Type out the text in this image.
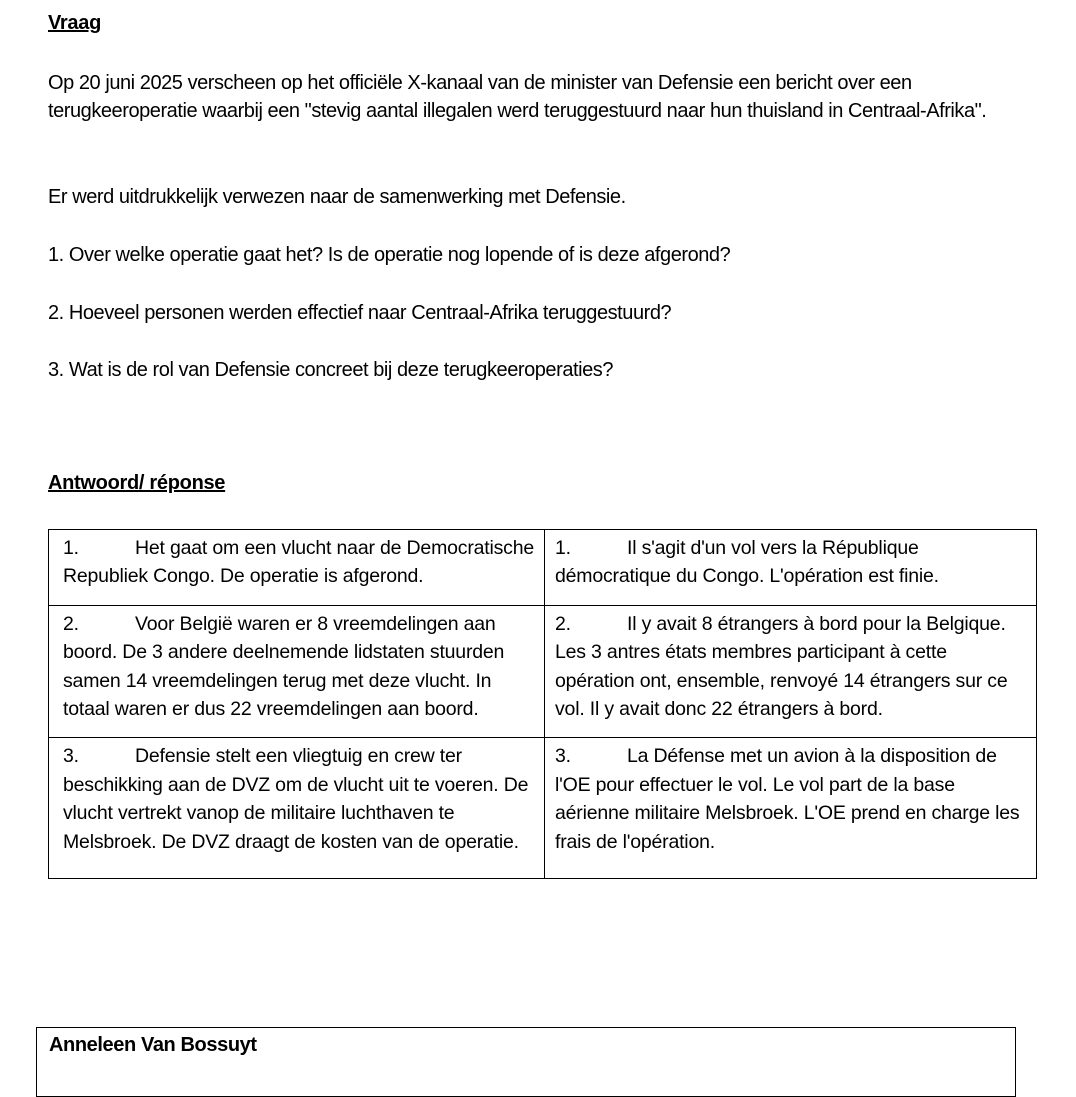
Vraag

Op 20 juni 2025 verscheen op het officiële X-kanaal van de minister van Defensie een bericht over een terugkeeroperatie waarbij een "stevig aantal illegalen werd teruggestuurd naar hun thuisland in Centraal-Afrika".

Er werd uitdrukkelijk verwezen naar de samenwerking met Defensie.

1. Over welke operatie gaat het? Is de operatie nog lopende of is deze afgerond?

2. Hoeveel personen werden effectief naar Centraal-Afrika teruggestuurd?

3. Wat is de rol van Defensie concreet bij deze terugkeeroperaties?

Antwoord/ réponse

1. Het gaat om een vlucht naar de Democratische Republiek Congo. De operatie is afgerond.	1. Il s'agit d'un vol vers la République démocratique du Congo. L'opération est finie.
2. Voor België waren er 8 vreemdelingen aan boord. De 3 andere deelnemende lidstaten stuurden samen 14 vreemdelingen terug met deze vlucht. In totaal waren er dus 22 vreemdelingen aan boord.	2. Il y avait 8 étrangers à bord pour la Belgique. Les 3 antres états membres participant à cette opération ont, ensemble, renvoyé 14 étrangers sur ce vol. Il y avait donc 22 étrangers à bord.
3. Defensie stelt een vliegtuig en crew ter beschikking aan de DVZ om de vlucht uit te voeren. De vlucht vertrekt vanop de militaire luchthaven te Melsbroek. De DVZ draagt de kosten van de operatie.	3. La Défense met un avion à la disposition de l'OE pour effectuer le vol. Le vol part de la base aérienne militaire Melsbroek. L'OE prend en charge les frais de l'opération.

Anneleen Van Bossuyt
